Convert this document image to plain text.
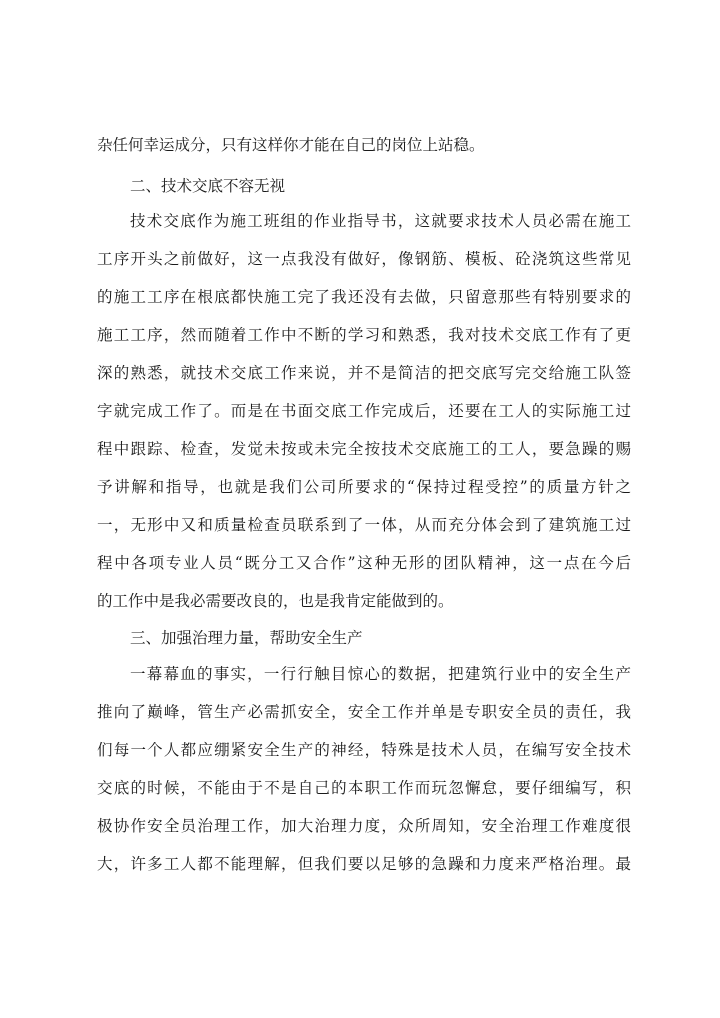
杂任何幸运成分，只有这样你才能在自己的岗位上站稳。
二、技术交底不容无视
技术交底作为施工班组的作业指导书，这就要求技术人员必需在施工
工序开头之前做好，这一点我没有做好，像钢筋、模板、砼浇筑这些常见
的施工工序在根底都快施工完了我还没有去做，只留意那些有特别要求的
施工工序，然而随着工作中不断的学习和熟悉，我对技术交底工作有了更
深的熟悉，就技术交底工作来说，并不是简洁的把交底写完交给施工队签
字就完成工作了。而是在书面交底工作完成后，还要在工人的实际施工过
程中跟踪、检查，发觉未按或未完全按技术交底施工的工人，要急躁的赐
予讲解和指导，也就是我们公司所要求的“保持过程受控”的质量方针之
一，无形中又和质量检查员联系到了一体，从而充分体会到了建筑施工过
程中各项专业人员“既分工又合作”这种无形的团队精神，这一点在今后
的工作中是我必需要改良的，也是我肯定能做到的。
三、加强治理力量，帮助安全生产
一幕幕血的事实，一行行触目惊心的数据，把建筑行业中的安全生产
推向了巅峰，管生产必需抓安全，安全工作并单是专职安全员的责任，我
们每一个人都应绷紧安全生产的神经，特殊是技术人员，在编写安全技术
交底的时候，不能由于不是自己的本职工作而玩忽懈怠，要仔细编写，积
极协作安全员治理工作，加大治理力度，众所周知，安全治理工作难度很
大，许多工人都不能理解，但我们要以足够的急躁和力度来严格治理。最
